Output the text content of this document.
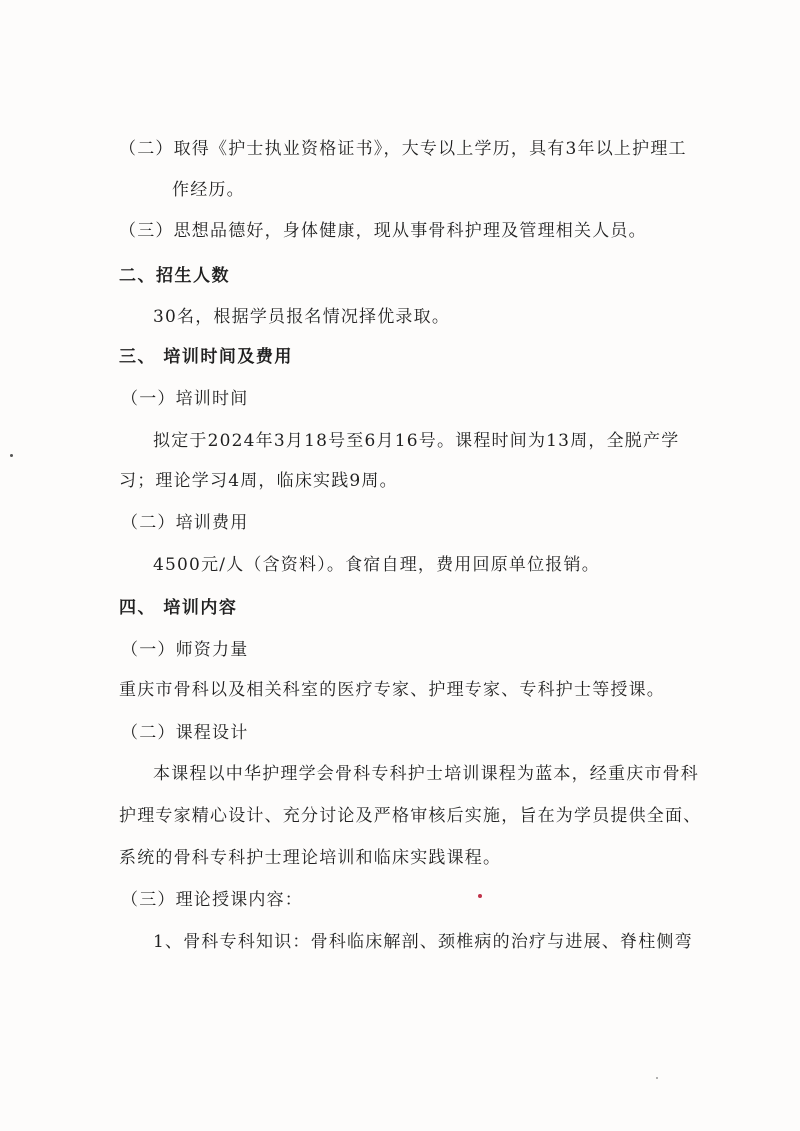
（二）取得《护士执业资格证书》，大专以上学历，具有3年以上护理工
作经历。
（三）思想品德好，身体健康，现从事骨科护理及管理相关人员。
二、招生人数
30名，根据学员报名情况择优录取。
三、 培训时间及费用
（一）培训时间
拟定于2024年3月18号至6月16号。课程时间为13周，全脱产学
习；理论学习4周，临床实践9周。
（二）培训费用
4500元/人（含资料）。食宿自理，费用回原单位报销。
四、 培训内容
（一）师资力量
重庆市骨科以及相关科室的医疗专家、护理专家、专科护士等授课。
（二）课程设计
本课程以中华护理学会骨科专科护士培训课程为蓝本，经重庆市骨科
护理专家精心设计、充分讨论及严格审核后实施，旨在为学员提供全面、
系统的骨科专科护士理论培训和临床实践课程。
（三）理论授课内容：
1、骨科专科知识：骨科临床解剖、颈椎病的治疗与进展、脊柱侧弯
